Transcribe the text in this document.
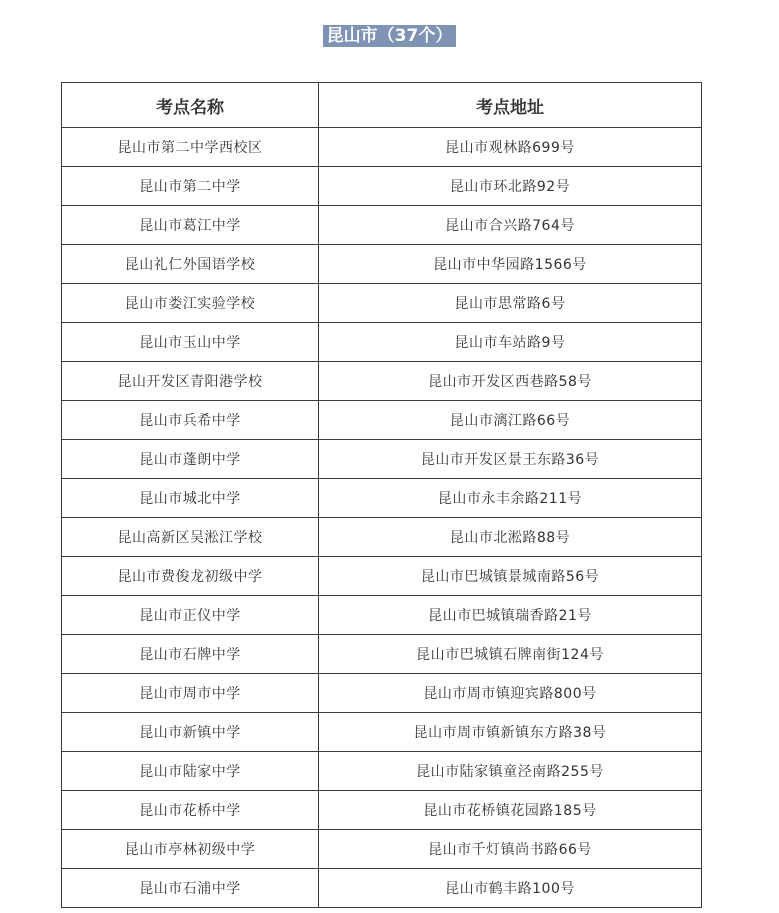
昆山市（37个）
考点名称	考点地址
昆山市第二中学西校区	昆山市观林路699号
昆山市第二中学	昆山市环北路92号
昆山市葛江中学	昆山市合兴路764号
昆山礼仁外国语学校	昆山市中华园路1566号
昆山市娄江实验学校	昆山市思常路6号
昆山市玉山中学	昆山市车站路9号
昆山开发区青阳港学校	昆山市开发区西巷路58号
昆山市兵希中学	昆山市漓江路66号
昆山市蓬朗中学	昆山市开发区景王东路36号
昆山市城北中学	昆山市永丰余路211号
昆山高新区吴淞江学校	昆山市北淞路88号
昆山市费俊龙初级中学	昆山市巴城镇景城南路56号
昆山市正仪中学	昆山市巴城镇瑞香路21号
昆山市石牌中学	昆山市巴城镇石牌南街124号
昆山市周市中学	昆山市周市镇迎宾路800号
昆山市新镇中学	昆山市周市镇新镇东方路38号
昆山市陆家中学	昆山市陆家镇童泾南路255号
昆山市花桥中学	昆山市花桥镇花园路185号
昆山市亭林初级中学	昆山市千灯镇尚书路66号
昆山市石浦中学	昆山市鹤丰路100号
